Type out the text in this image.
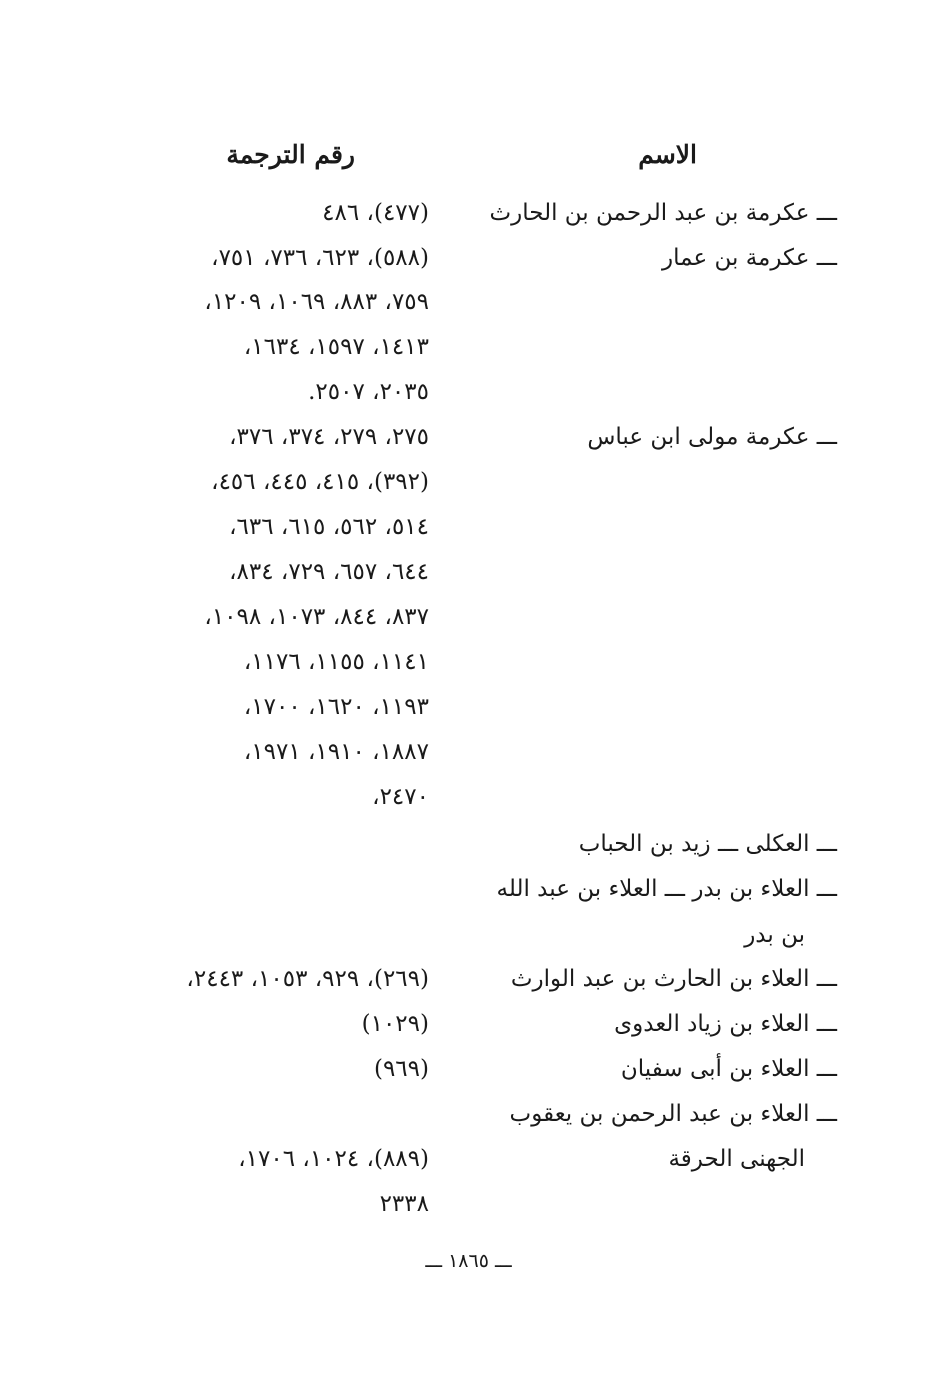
الاسم
رقم الترجمة
ـــ عكرمة بن عبد الرحمن بن الحارث
(٤٧٧)، ٤٨٦
ـــ عكرمة بن عمار
(٥٨٨)، ٦٢٣، ٧٣٦، ٧٥١،
٧٥٩، ٨٨٣، ١٠٦٩، ١٢٠٩،
١٤١٣، ١٥٩٧، ١٦٣٤،
٢٠٣٥، ٢٥٠٧.
ـــ عكرمة مولى ابن عباس
٢٧٥، ٢٧٩، ٣٧٤، ٣٧٦،
(٣٩٢)، ٤١٥، ٤٤٥، ٤٥٦،
٥١٤، ٥٦٢، ٦١٥، ٦٣٦،
٦٤٤، ٦٥٧، ٧٢٩، ٨٣٤،
٨٣٧، ٨٤٤، ١٠٧٣، ١٠٩٨،
١١٤١، ١١٥٥، ١١٧٦،
١١٩٣، ١٦٢٠، ١٧٠٠،
١٨٨٧، ١٩١٠، ١٩٧١،
٢٤٧٠،
ـــ العكلى ـــ زيد بن الحباب
ـــ العلاء بن بدر ـــ العلاء بن عبد الله
بن بدر
ـــ العلاء بن الحارث بن عبد الوارث
(٢٦٩)، ٩٢٩، ١٠٥٣، ٢٤٤٣،
ـــ العلاء بن زياد العدوى
(١٠٢٩)
ـــ العلاء بن أبى سفيان
(٩٦٩)
ـــ العلاء بن عبد الرحمن بن يعقوب
الجهنى الحرقة
(٨٨٩)، ١٠٢٤، ١٧٠٦،
٢٣٣٨
ـــ ١٨٦٥ ـــ
